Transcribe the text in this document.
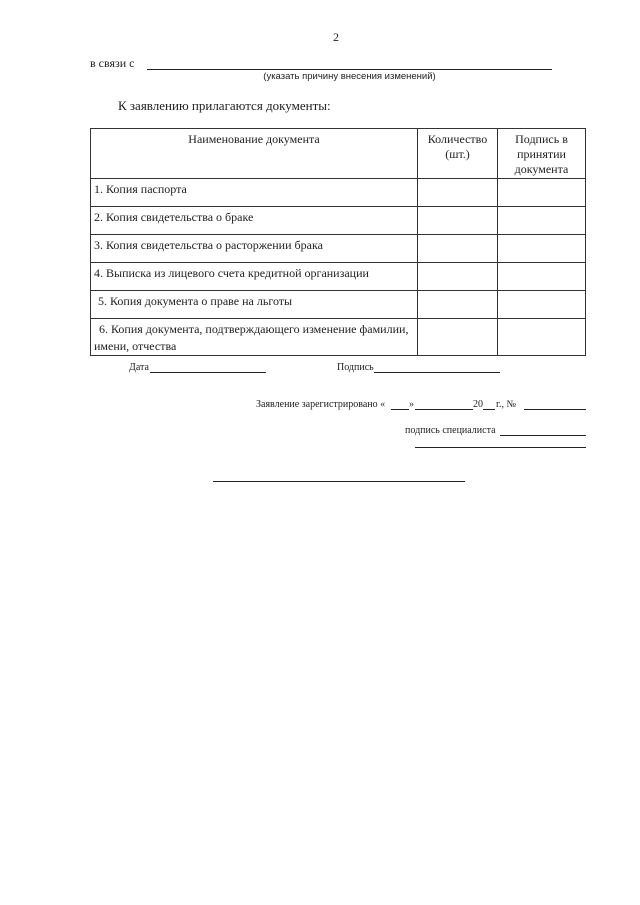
2
в связи с
(указать причину внесения изменений)
К заявлению прилагаются документы:
Наименование документа	Количество (шт.)	Подпись в принятии документа
1. Копия паспорта		
2. Копия свидетельства о браке		
3. Копия свидетельства о расторжении брака		
4. Выписка из лицевого счета кредитной организации		
5. Копия документа о праве на льготы		
6. Копия документа, подтверждающего изменение фамилии, имени, отчества		
Дата	Подпись
Заявление зарегистрировано « »	20 г., №
подпись специалиста
